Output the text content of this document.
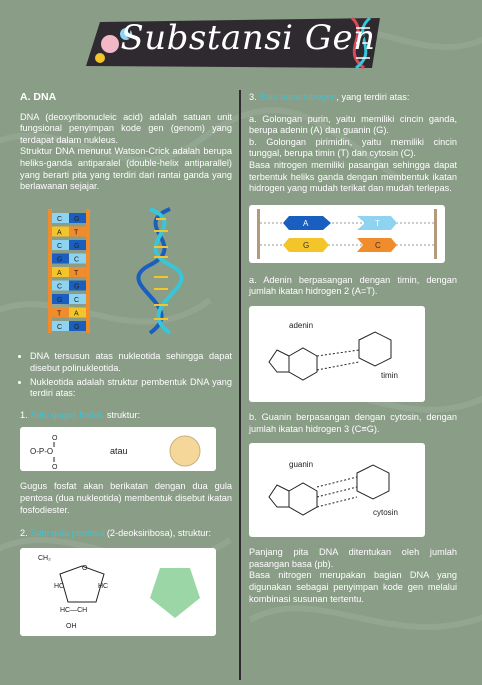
Substansi Gen
A. DNA

DNA (deoxyribonucleic acid) adalah satuan unit fungsional penyimpan kode gen (genom) yang terdapat dalam nukleus.

Struktur DNA menurut Watson-Crick adalah berupa heliks-ganda antiparalel (double-helix antiparallel) yang berarti pita yang terdiri dari rantai ganda yang berlawanan sejajar.

C G
A T
C G
G C
A T
C G
G C
T A
C G
• DNA tersusun atas nukleotida sehingga dapat disebut polinukleotida.
• Nukleotida adalah struktur pembentuk DNA yang terdiri atas:

1. Satu gugus fosfat, struktur:

O
O-P-O
O
atau

Gugus fosfat akan berikatan dengan dua gula pentosa (dua nukleotida) membentuk disebut ikatan fosfodiester.

2. Satu gula pentosa (2-deoksiribosa), struktur:

CH₂
HC	HC
HC—CH
OH
O

3. Satu basa nitrogen, yang terdiri atas:

a. Golongan purin, yaitu memiliki cincin ganda, berupa adenin (A) dan guanin (G).

b. Golongan pirimidin, yaitu memiliki cincin tunggal, berupa timin (T) dan cytosin (C).

Basa nitrogen memiliki pasangan sehingga dapat terbentuk heliks ganda dengan membentuk ikatan hidrogen yang mudah terikat dan mudah terlepas.

A	T
G	C

a. Adenin berpasangan dengan timin, dengan jumlah ikatan hidrogen 2 (A=T).

adenin
timin

b. Guanin berpasangan dengan cytosin, dengan jumlah ikatan hidrogen 3 (C≡G).

guanin
cytosin

Panjang pita DNA ditentukan oleh jumlah pasangan basa (pb).

Basa nitrogen merupakan bagian DNA yang digunakan sebagai penyimpan kode gen melalui kombinasi susunan tertentu.
